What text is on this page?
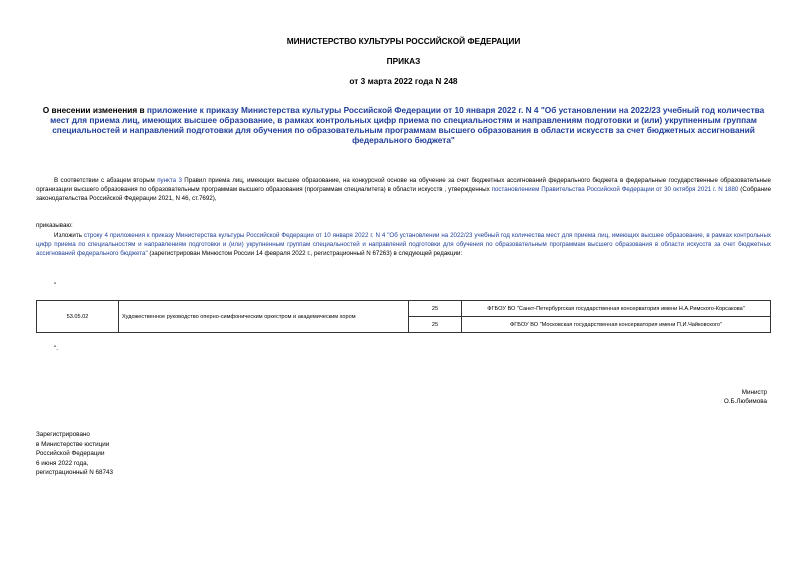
МИНИСТЕРСТВО КУЛЬТУРЫ РОССИЙСКОЙ ФЕДЕРАЦИИ
ПРИКАЗ
от 3 марта 2022 года N 248
О внесении изменения в приложение к приказу Министерства культуры Российской Федерации от 10 января 2022 г. N 4 "Об установлении на 2022/23 учебный год количества мест для приема лиц, имеющих высшее образование, в рамках контрольных цифр приема по специальностям и направлениям подготовки и (или) укрупненным группам специальностей и направлений подготовки для обучения по образовательным программам высшего образования в области искусств за счет бюджетных ассигнований федерального бюджета"
В соответствии с абзацем вторым пункта 3 Правил приема лиц, имеющих высшее образование, на конкурсной основе на обучение за счет бюджетных ассигнований федерального бюджета в федеральные государственные образовательные организации высшего образования по образовательным программам высшего образования (программам специалитета) в области искусств , утвержденных постановлением Правительства Российской Федерации от 30 октября 2021 г. N 1880 (Собрание законодательства Российской Федерации 2021, N 46, ст.7692),
приказываю:
Изложить строку 4 приложения к приказу Министерства культуры Российской Федерации от 10 января 2022 г. N 4 "Об установлении на 2022/23 учебный год количества мест для приема лиц, имеющих высшее образование, в рамках контрольных цифр приема по специальностям и направлениям подготовки и (или) укрупненным группам специальностей и направлений подготовки для обучения по образовательным программам высшего образования в области искусств за счет бюджетных ассигнований федерального бюджета" (зарегистрирован Минюстом России 14 февраля 2022 г., регистрационный N 67263) в следующей редакции:
"
53.05.02	Художественное руководство оперно-симфоническим оркестром и академическим хором	25	ФГБОУ ВО "Санкт-Петербургская государственная консерватория имени Н.А.Римского-Корсакова"
		25	ФГБОУ ВО "Московская государственная консерватория имени П.И.Чайковского"
".
Министр
О.Б.Любимова
Зарегистрировано
в Министерстве юстиции
Российской Федерации
6 июня 2022 года,
регистрационный N 68743
